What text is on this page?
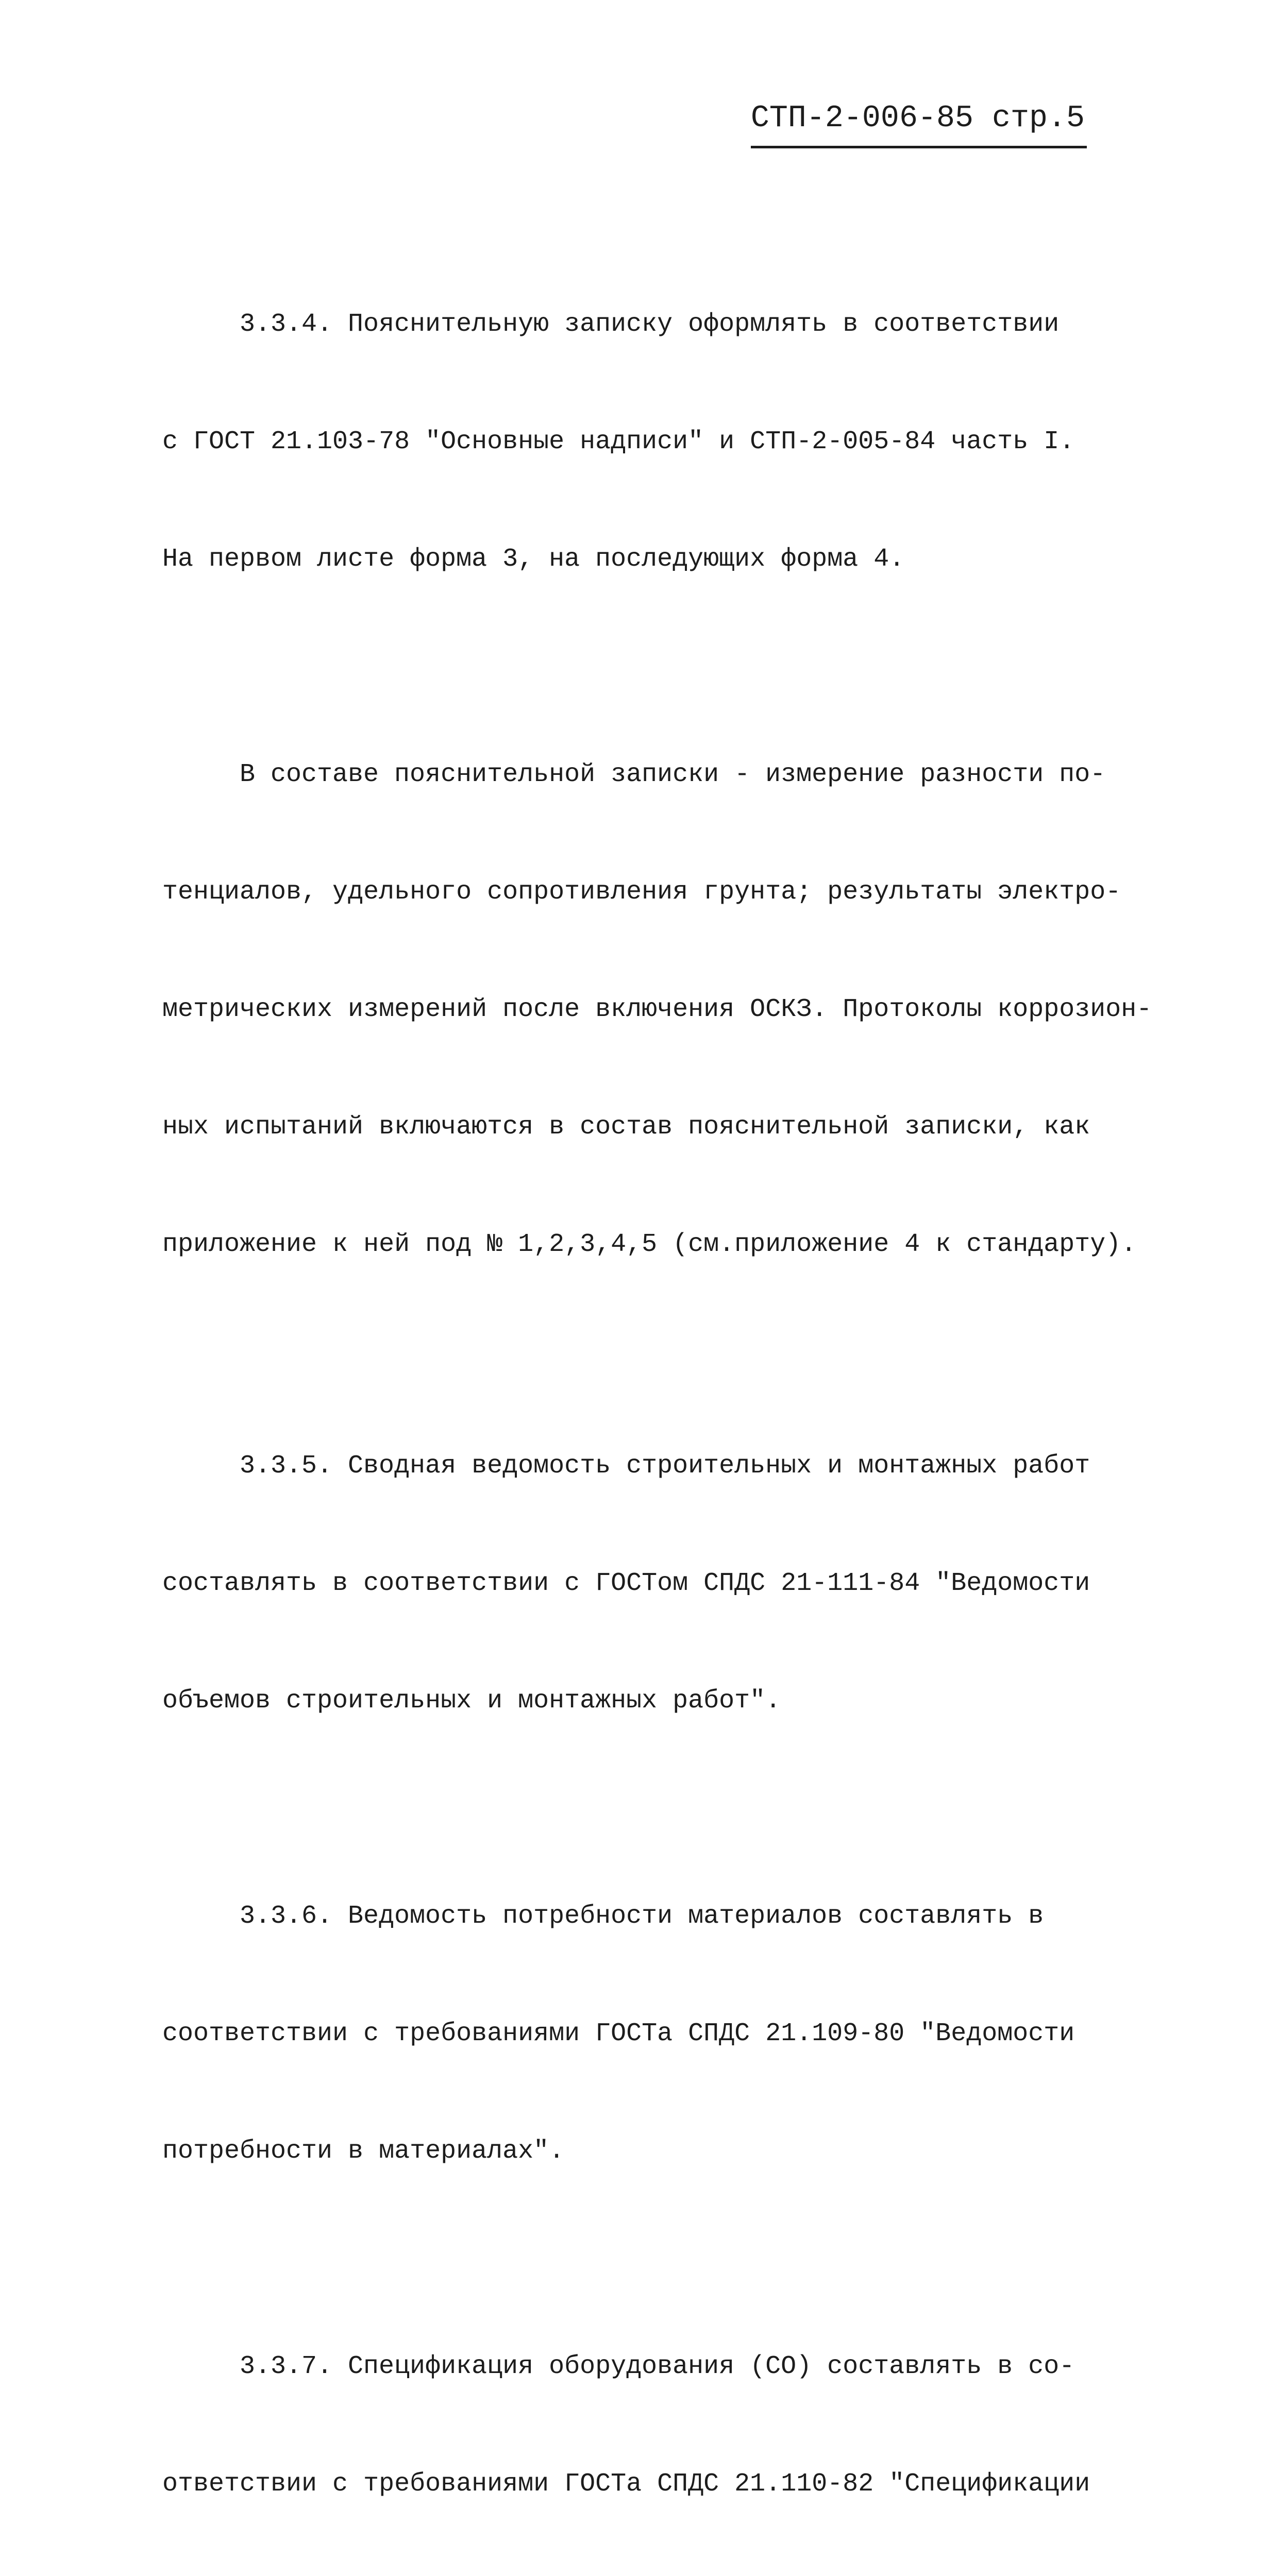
СТП-2-006-85 стр.5

3.3.4. Пояснительную записку оформлять в соответствии

с ГОСТ 21.103-78 "Основные надписи" и СТП-2-005-84 часть I.

На первом листе форма 3, на последующих форма 4.

В составе пояснительной записки - измерение разности по-

тенциалов, удельного сопротивления грунта; результаты электро-

метрических измерений после включения ОСКЗ. Протоколы коррозион-

ных испытаний включаются в состав пояснительной записки, как

приложение к ней под № 1,2,3,4,5 (см.приложение 4 к стандарту).

3.3.5. Сводная ведомость строительных и монтажных работ

составлять в соответствии с ГОСТом СПДС 21-111-84 "Ведомости

объемов строительных и монтажных работ".

3.3.6. Ведомость потребности материалов составлять в

соответствии с требованиями ГОСТа СПДС 21.109-80 "Ведомости

потребности в материалах".

3.3.7. Спецификация оборудования (СО) составлять в со-

ответствии с требованиями ГОСТа СПДС 21.110-82 "Спецификации
